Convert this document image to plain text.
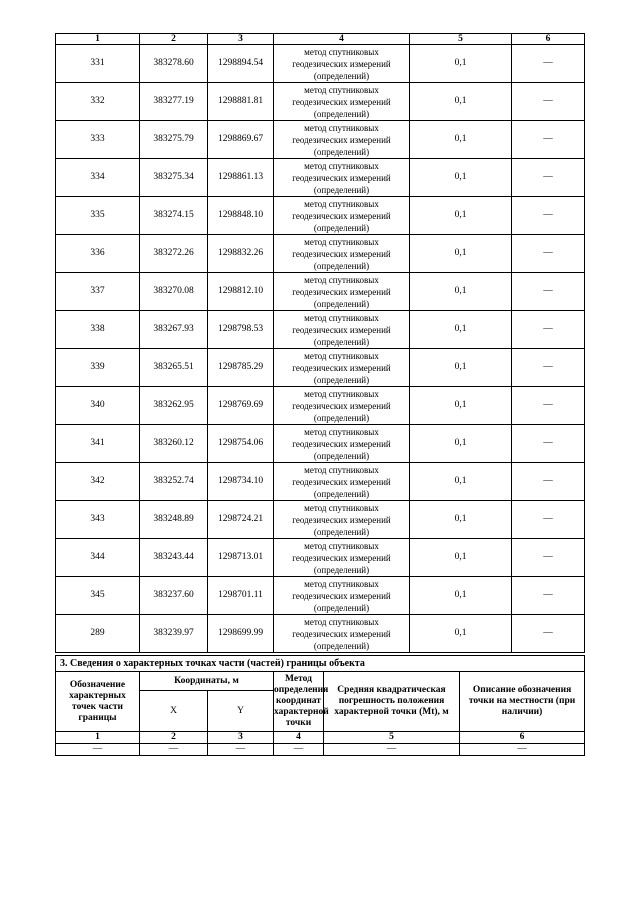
1	2	3	4	5	6
331	383278.60	1298894.54	метод спутниковых
геодезических измерений
(определений)	0,1	—
332	383277.19	1298881.81	метод спутниковых
геодезических измерений
(определений)	0,1	—
333	383275.79	1298869.67	метод спутниковых
геодезических измерений
(определений)	0,1	—
334	383275.34	1298861.13	метод спутниковых
геодезических измерений
(определений)	0,1	—
335	383274.15	1298848.10	метод спутниковых
геодезических измерений
(определений)	0,1	—
336	383272.26	1298832.26	метод спутниковых
геодезических измерений
(определений)	0,1	—
337	383270.08	1298812.10	метод спутниковых
геодезических измерений
(определений)	0,1	—
338	383267.93	1298798.53	метод спутниковых
геодезических измерений
(определений)	0,1	—
339	383265.51	1298785.29	метод спутниковых
геодезических измерений
(определений)	0,1	—
340	383262.95	1298769.69	метод спутниковых
геодезических измерений
(определений)	0,1	—
341	383260.12	1298754.06	метод спутниковых
геодезических измерений
(определений)	0,1	—
342	383252.74	1298734.10	метод спутниковых
геодезических измерений
(определений)	0,1	—
343	383248.89	1298724.21	метод спутниковых
геодезических измерений
(определений)	0,1	—
344	383243.44	1298713.01	метод спутниковых
геодезических измерений
(определений)	0,1	—
345	383237.60	1298701.11	метод спутниковых
геодезических измерений
(определений)	0,1	—
289	383239.97	1298699.99	метод спутниковых
геодезических измерений
(определений)	0,1	—
3. Сведения о характерных точках части (частей) границы объекта					
Обозначение характерных точек части границы	Координаты, м		Метод определения координат характерной точки	Средняя квадратическая погрешность положения характерной точки (Mt), м	Описание обозначения точки на местности (при наличии)
	X	Y			
1	2	3	4	5	6
—	—	—	—	—	—
